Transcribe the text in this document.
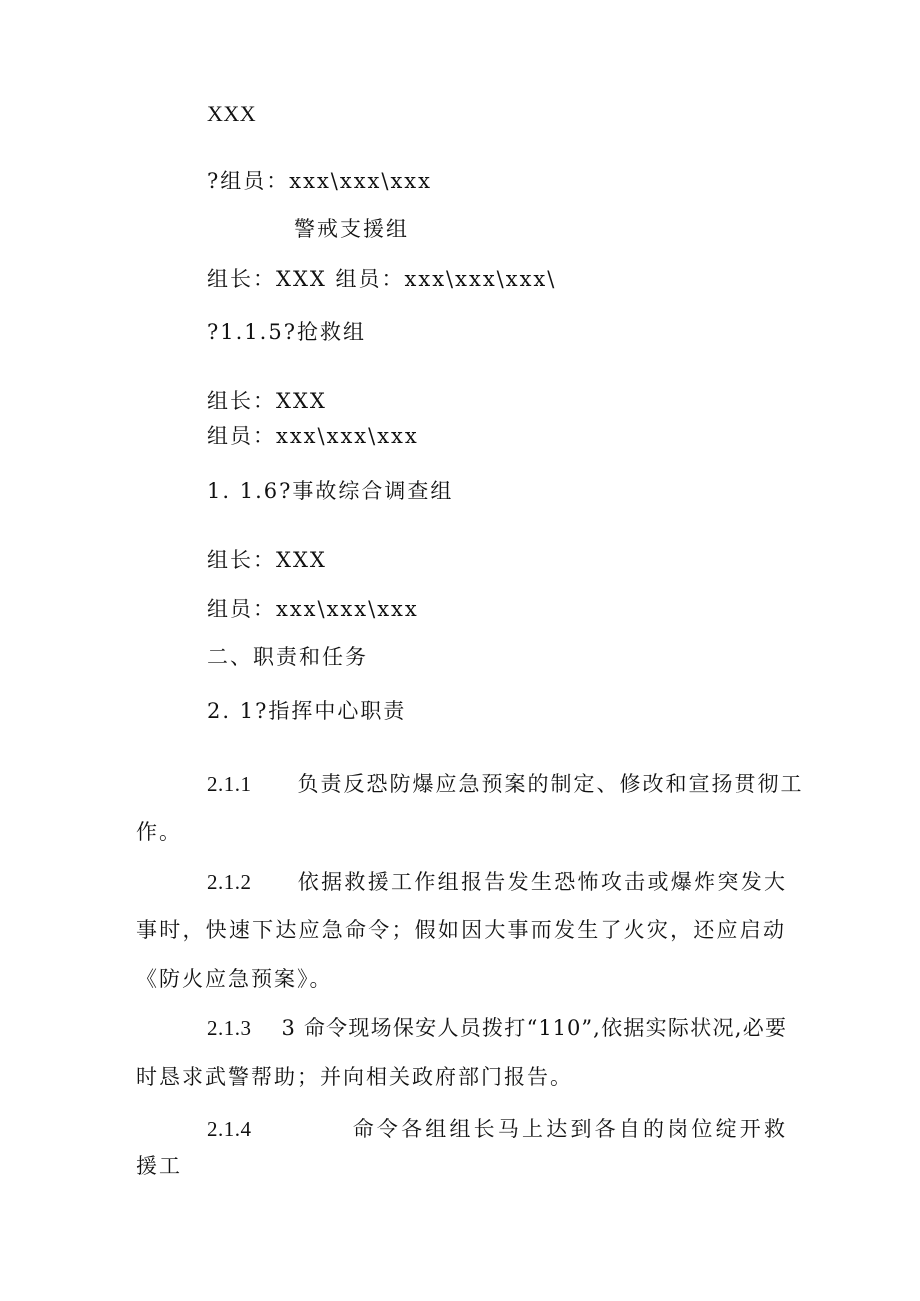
XXX
?组员：xxx\xxx\xxx
警戒支援组
组长：XXX 组员：xxx\xxx\xxx\
?1.1.5?抢救组
组长：XXX
组员：xxx\xxx\xxx
1. 1.6?事故综合调查组
组长：XXX
组员：xxx\xxx\xxx
二、职责和任务
2. 1?指挥中心职责
2.1.1 负责反恐防爆应急预案的制定、修改和宣扬贯彻工
作。
2.1.2 依据救援工作组报告发生恐怖攻击或爆炸突发大
事时，快速下达应急命令；假如因大事而发生了火灾，还应启动
《防火应急预案》。
2.1.3 3 命令现场保安人员拨打“110”,依据实际状况,必要
时恳求武警帮助；并向相关政府部门报告。
2.1.4	命令各组组长马上达到各自的岗位绽开救
援工
